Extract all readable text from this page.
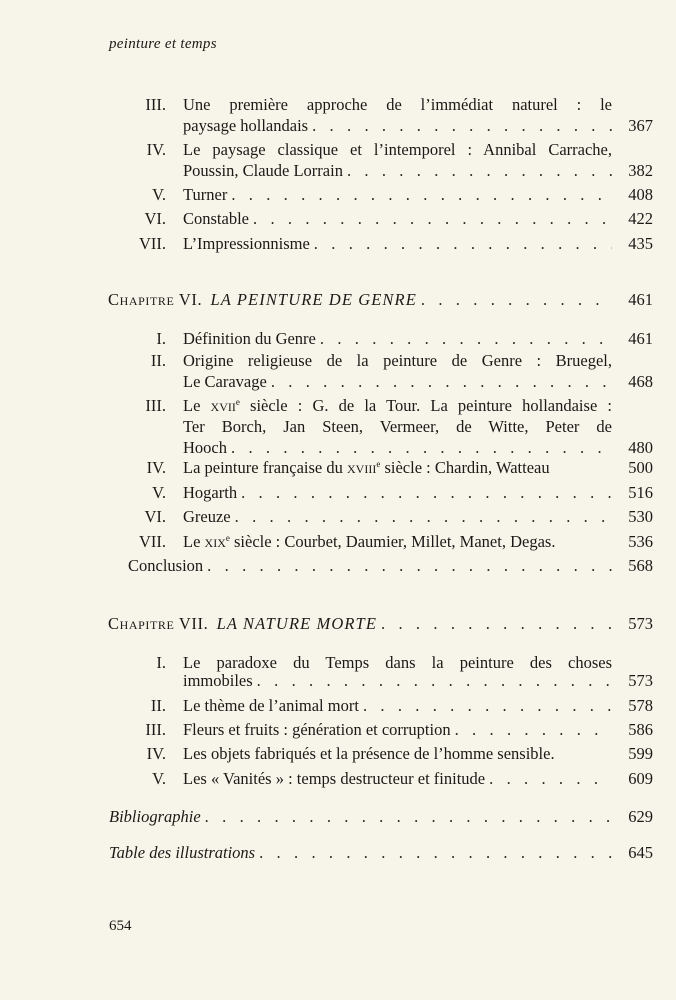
peinture et temps
III. Une première approche de l’immédiat naturel : le
paysage hollandais . . .	367
IV. Le paysage classique et l’intemporel : Annibal Carrache,
Poussin, Claude Lorrain . . .	382
V. Turner . . .	408
VI. Constable . . .	422
VII. L’Impressionnisme . . .	435
Chapitre VI. LA PEINTURE DE GENRE . . .	461
I. Définition du Genre . . .	461
II. Origine religieuse de la peinture de Genre : Bruegel,
Le Caravage . . .	468
III. Le xvii$^e$ siècle : G. de la Tour. La peinture hollandaise :
Ter Borch, Jan Steen, Vermeer, de Witte, Peter de
Hooch . . .	480
IV. La peinture française du xviii$^e$ siècle : Chardin, Watteau	500
V. Hogarth . . .	516
VI. Greuze . . .	530
VII. Le xix$^e$ siècle : Courbet, Daumier, Millet, Manet, Degas.	536
Conclusion . . .	568
Chapitre VII. LA NATURE MORTE . . .	573
I. Le paradoxe du Temps dans la peinture des choses
immobiles . . .	573
II. Le thème de l’animal mort . . .	578
III. Fleurs et fruits : génération et corruption . . .	586
IV. Les objets fabriqués et la présence de l’homme sensible.	599
V. Les « Vanités » : temps destructeur et finitude . . .	609
Bibliographie . . .	629
Table des illustrations . . .	645
654
